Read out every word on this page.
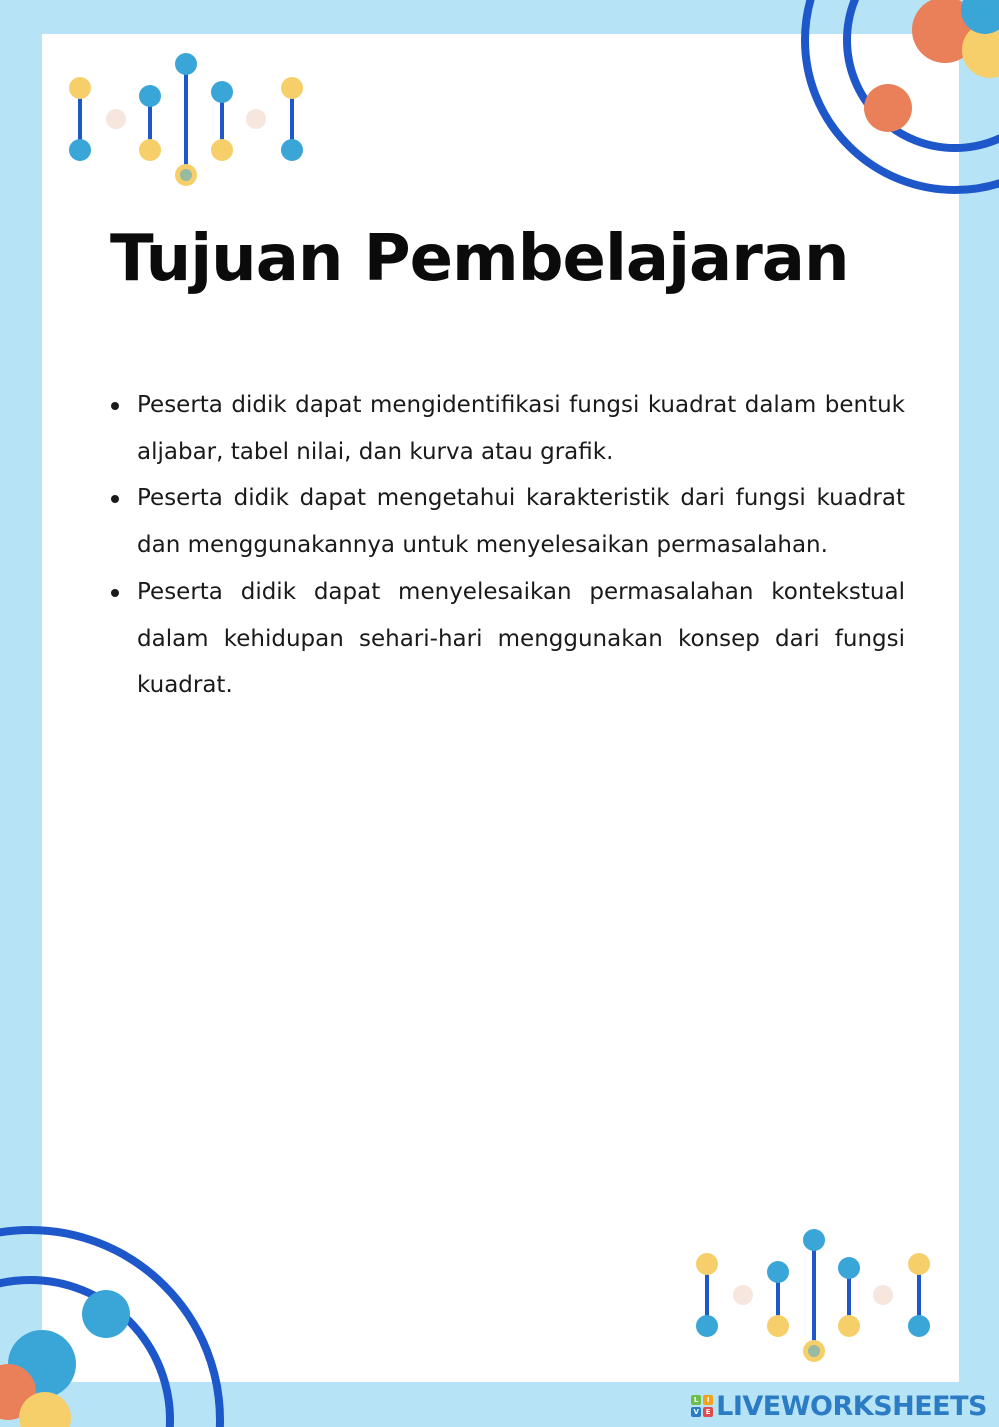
Tujuan Pembelajaran
Peserta didik dapat mengidentifikasi fungsi kuadrat dalam bentuk aljabar, tabel nilai, dan kurva atau grafik.
Peserta didik dapat mengetahui karakteristik dari fungsi kuadrat dan menggunakannya untuk menyelesaikan permasalahan.
Peserta didik dapat menyelesaikan permasalahan kontekstual dalam kehidupan sehari-hari menggunakan konsep dari fungsi kuadrat.
L	I
V E LIVEWORKSHEETS
